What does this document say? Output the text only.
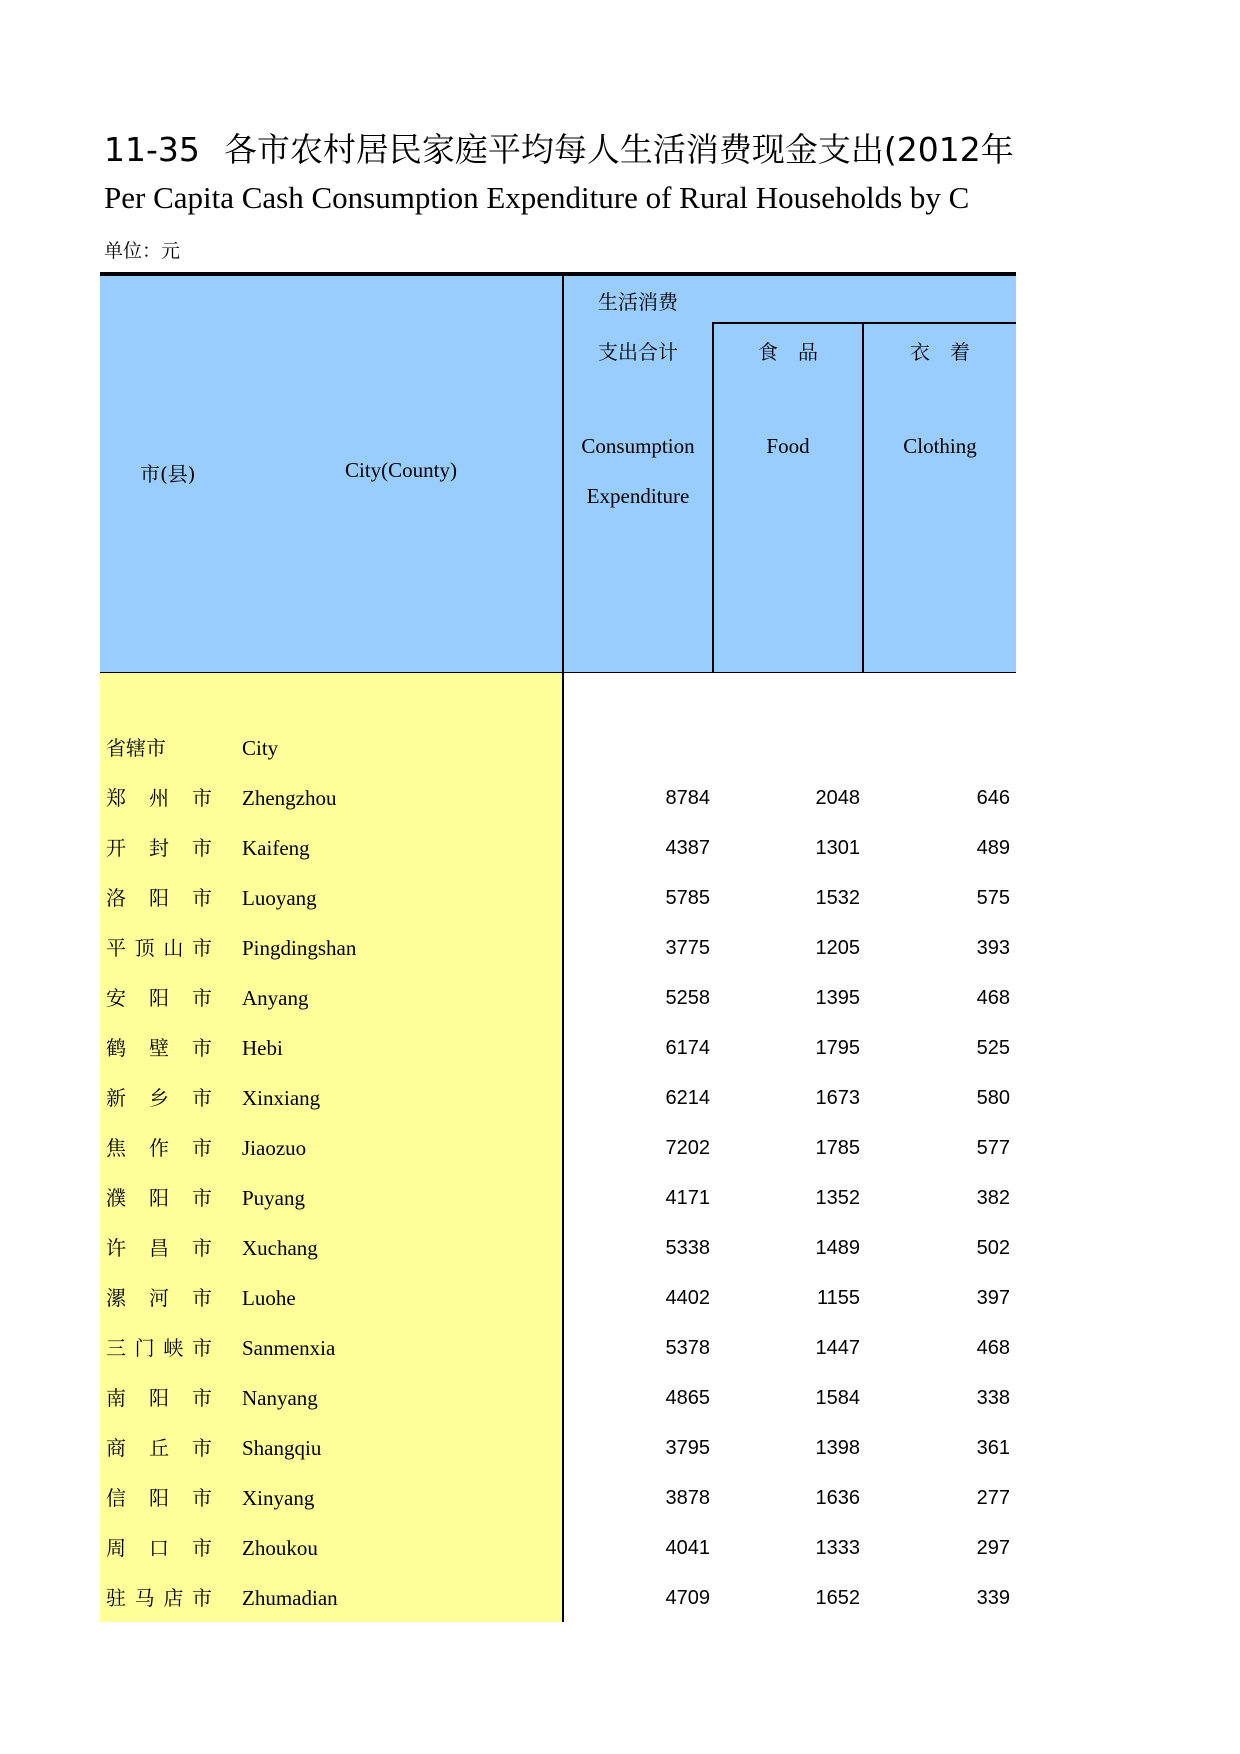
11-35 各市农村居民家庭平均每人生活消费现金支出(2012年
Per Capita Cash Consumption Expenditure of Rural Households by C
单位：元
市(县)	City(County)
生活消费
支出合计
Consumption
Expenditure
食　品
Food
衣　着
Clothing
省辖市	City
郑州市 Zhengzhou	8784	2048	646
开封市 Kaifeng	4387	1301	489
洛阳市 Luoyang	5785	1532	575
平顶山市 Pingdingshan	3775	1205	393
安阳市 Anyang	5258	1395	468
鹤壁市 Hebi	6174	1795	525
新乡市 Xinxiang	6214	1673	580
焦作市 Jiaozuo	7202	1785	577
濮阳市 Puyang	4171	1352	382
许昌市 Xuchang	5338	1489	502
漯河市 Luohe	4402	1155	397
三门峡市 Sanmenxia	5378	1447	468
南阳市 Nanyang	4865	1584	338
商丘市 Shangqiu	3795	1398	361
信阳市 Xinyang	3878	1636	277
周口市 Zhoukou	4041	1333	297
驻马店市 Zhumadian	4709	1652	339
